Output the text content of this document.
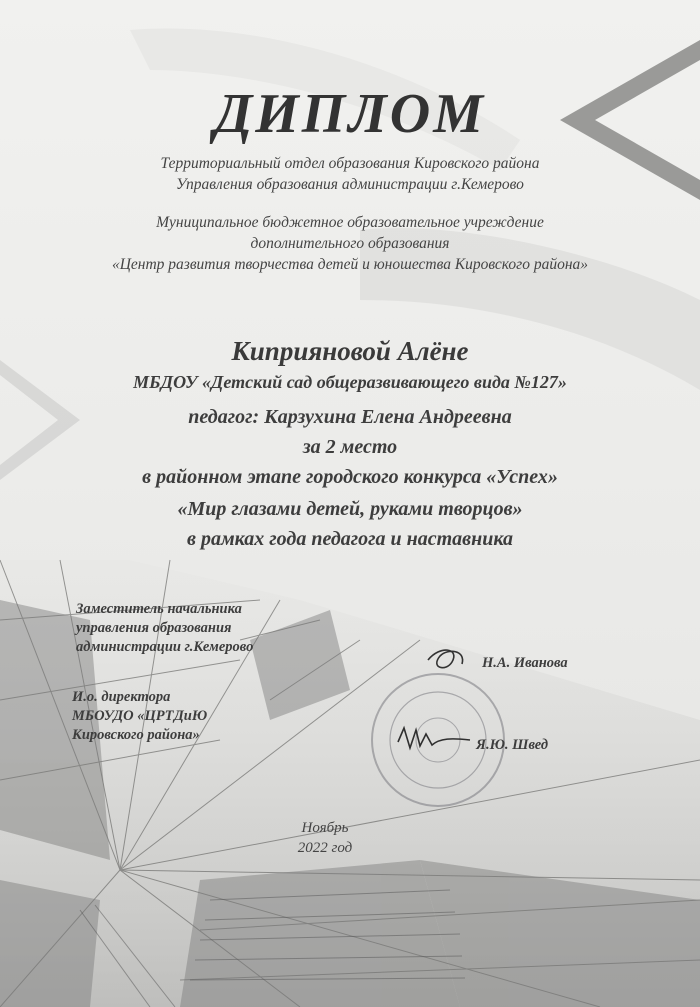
ДИПЛОМ
Территориальный отдел образования Кировского района
Управления образования администрации г.Кемерово
Муниципальное бюджетное образовательное учреждение
дополнительного образования
«Центр развития творчества детей и юношества Кировского района»
Киприяновой Алёне
МБДОУ «Детский сад общеразвивающего вида №127»
педагог: Карзухина Елена Андреевна
за 2 место
в районном этапе городского конкурса «Успех»
«Мир глазами детей, руками творцов»
в рамках года педагога и наставника
Заместитель начальника
управления образования
администрации г.Кемерово
Н.А. Иванова
И.о. директора
МБОУДО «ЦРТДиЮ
Кировского района»
Я.Ю. Швед
Ноябрь
2022 год
